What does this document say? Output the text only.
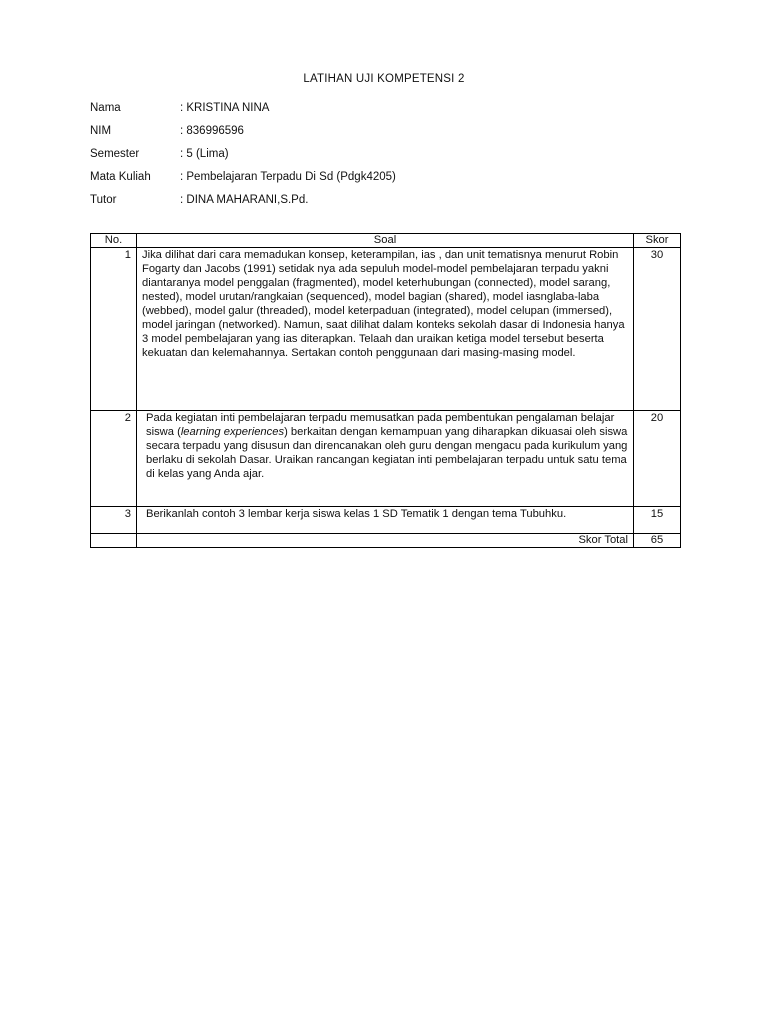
LATIHAN UJI KOMPETENSI 2
Nama	: KRISTINA NINA
NIM	: 836996596
Semester	: 5 (Lima)
Mata Kuliah	: Pembelajaran Terpadu Di Sd (Pdgk4205)
Tutor	: DINA MAHARANI,S.Pd.
No.	Soal	Skor
1	Jika dilihat dari cara memadukan konsep, keterampilan, ias , dan unit tematisnya menurut Robin Fogarty dan Jacobs (1991) setidak nya ada sepuluh model-model pembelajaran terpadu yakni diantaranya model penggalan (fragmented), model keterhubungan (connected), model sarang, nested), model urutan/rangkaian (sequenced), model bagian (shared), model iasnglaba-laba (webbed), model galur (threaded), model keterpaduan (integrated), model celupan (immersed), model jaringan (networked). Namun, saat dilihat dalam konteks sekolah dasar di Indonesia hanya 3 model pembelajaran yang ias diterapkan. Telaah dan uraikan ketiga model tersebut beserta kekuatan dan kelemahannya. Sertakan contoh penggunaan dari masing-masing model.	30
2	Pada kegiatan inti pembelajaran terpadu memusatkan pada pembentukan pengalaman belajar siswa (learning experiences) berkaitan dengan kemampuan yang diharapkan dikuasai oleh siswa secara terpadu yang disusun dan direncanakan oleh guru dengan mengacu pada kurikulum yang berlaku di sekolah Dasar. Uraikan rancangan kegiatan inti pembelajaran terpadu untuk satu tema di kelas yang Anda ajar.	20
3	Berikanlah contoh 3 lembar kerja siswa kelas 1 SD Tematik 1 dengan tema Tubuhku.	15
	Skor Total	65
